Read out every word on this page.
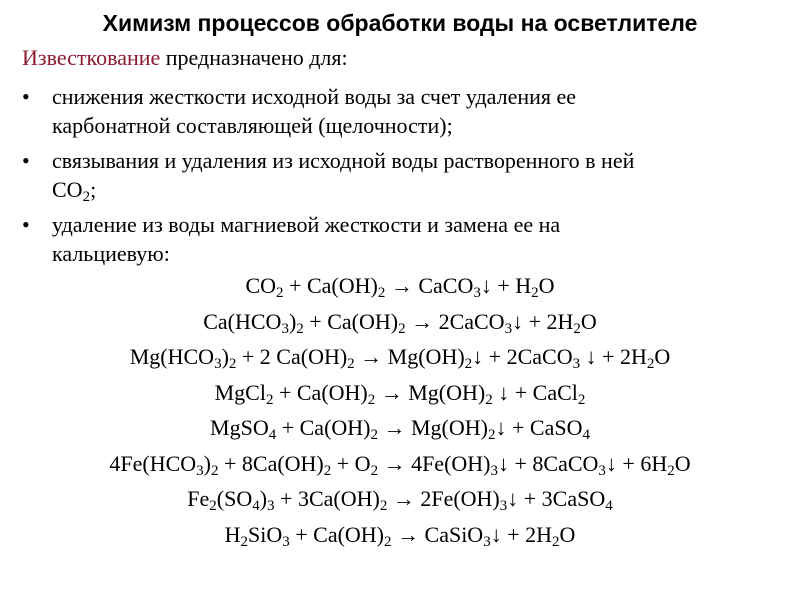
Химизм процессов обработки воды на осветлителе
Известкование предназначено для:
• снижения жесткости исходной воды за счет удаления ее
карбонатной составляющей (щелочности);
• связывания и удаления из исходной воды растворенного в ней
$CO_2$;
• удаление из воды магниевой жесткости и замена ее на
кальциевую:
$CO_2 + Ca(OH)_2$ → CaCO$_3$↓ + $H_2O$
$Ca(HCO_3)_2 + Ca(OH)_2$ → 2CaCO$_3$↓ + $2H_2O$
$Mg(HCO_3)_2 + 2$ $Ca(OH)_2$ → $Mg(OH)_2↓$ + 2CaCO$_3$ ↓ + $2H_2O$
MgCl$_2$ + $Ca(OH)_2 \to Mg(OH)_2$ ↓ + CaCl$_2$
MgSO$_4$ + $Ca(OH)_2$ → $Mg(OH)_2↓$ + CaSO$_4$
$4Fe(HCO_3)_2 + 8Ca(OH)_2 + O_2$ → $4Fe(OH)_3↓$ + 8CaCO$_3$↓ + $6H_2O$
$Fe_2(SO_4)_3 + 3Ca(OH)_2$ → $2Fe(OH)_3↓$ + 3CaSO$_4$
$H_2SiO_3 + Ca(OH)_2$ → CaSiO$_3$↓ + $2H_2O$
